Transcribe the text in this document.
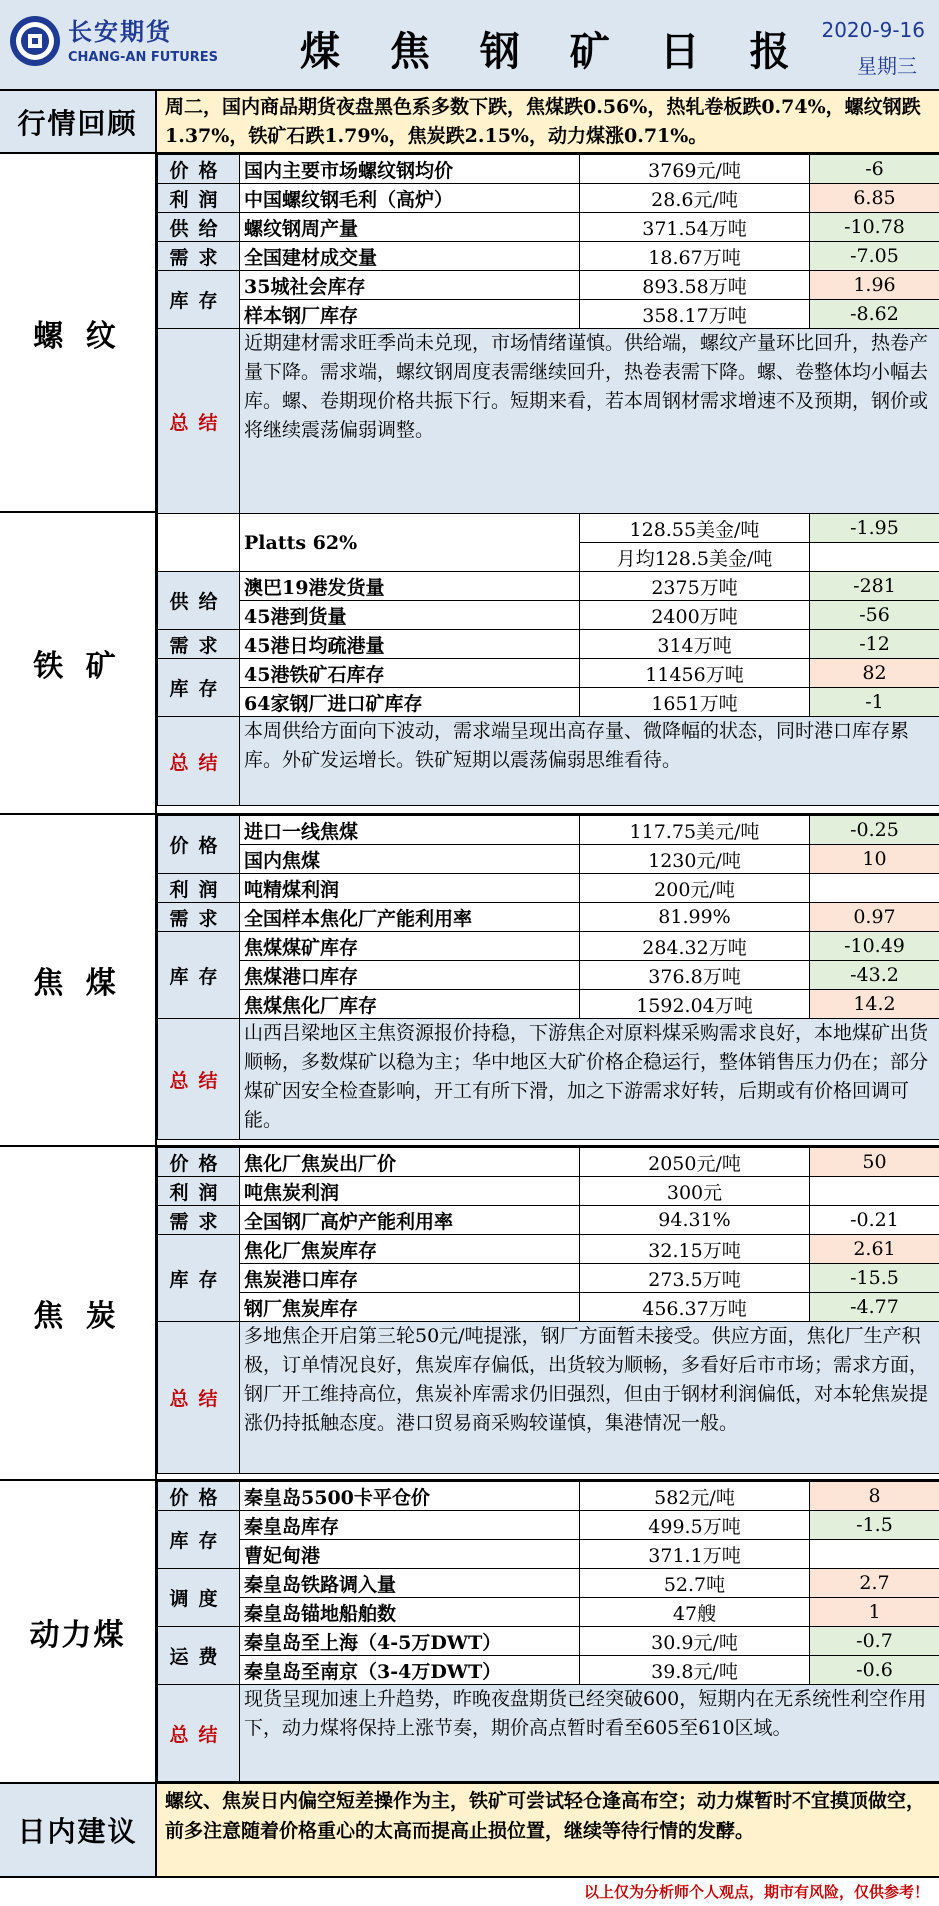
长安期货
CHANG-AN FUTURES 煤 焦 钢 矿 日 报 2020-9-16
星期三
行情回顾	周二，国内商品期货夜盘黑色系多数下跌，焦煤跌0.56%，热轧卷板跌0.74%，螺纹钢跌1.37%，铁矿石跌1.79%，焦炭跌2.15%，动力煤涨0.71%。
螺 纹
价格	国内主要市场螺纹钢均价	3769元/吨	-6
利润	中国螺纹钢毛利（高炉）	28.6元/吨	6.85
供给	螺纹钢周产量	371.54万吨	-10.78
需求	全国建材成交量	18.67万吨	-7.05
库存	35城社会库存	893.58万吨	1.96
	样本钢厂库存	358.17万吨	-8.62
总结	近期建材需求旺季尚未兑现，市场情绪谨慎。供给端，螺纹产量环比回升，热卷产量下降。需求端，螺纹钢周度表需继续回升，热卷表需下降。螺、卷整体均小幅去库。螺、卷期现价格共振下行。短期来看，若本周钢材需求增速不及预期，钢价或将继续震荡偏弱调整。		
铁 矿
	Platts 62%	128.55美金/吨	-1.95
		月均128.5美金/吨	
供给	澳巴19港发货量	2375万吨	-281
	45港到货量	2400万吨	-56
需求	45港日均疏港量	314万吨	-12
库存	45港铁矿石库存	11456万吨	82
	64家钢厂进口矿库存	1651万吨	-1
总结	本周供给方面向下波动，需求端呈现出高存量、微降幅的状态，同时港口库存累库。外矿发运增长。铁矿短期以震荡偏弱思维看待。		
焦 煤
价格	进口一线焦煤	117.75美元/吨	-0.25
	国内焦煤	1230元/吨	10
利润	吨精煤利润	200元/吨	
需求	全国样本焦化厂产能利用率	81.99%	0.97
库存	焦煤煤矿库存	284.32万吨	-10.49
	焦煤港口库存	376.8万吨	-43.2
	焦煤焦化厂库存	1592.04万吨	14.2
总结	山西吕梁地区主焦资源报价持稳，下游焦企对原料煤采购需求良好，本地煤矿出货顺畅，多数煤矿以稳为主；华中地区大矿价格企稳运行，整体销售压力仍在；部分煤矿因安全检查影响，开工有所下滑，加之下游需求好转，后期或有价格回调可能。		
焦 炭
价格	焦化厂焦炭出厂价	2050元/吨	50
利润	吨焦炭利润	300元	
需求	全国钢厂高炉产能利用率	94.31%	-0.21
库存	焦化厂焦炭库存	32.15万吨	2.61
	焦炭港口库存	273.5万吨	-15.5
	钢厂焦炭库存	456.37万吨	-4.77
总结	多地焦企开启第三轮50元/吨提涨，钢厂方面暂未接受。供应方面，焦化厂生产积极，订单情况良好，焦炭库存偏低，出货较为顺畅，多看好后市市场；需求方面，钢厂开工维持高位，焦炭补库需求仍旧强烈，但由于钢材利润偏低，对本轮焦炭提涨仍持抵触态度。港口贸易商采购较谨慎，集港情况一般。		
动力煤
价格	秦皇岛5500卡平仓价	582元/吨	8
库存	秦皇岛库存	499.5万吨	-1.5
	曹妃甸港	371.1万吨	
调度	秦皇岛铁路调入量	52.7吨	2.7
	秦皇岛锚地船舶数	47艘	1
运费	秦皇岛至上海（4-5万DWT）	30.9元/吨	-0.7
	秦皇岛至南京（3-4万DWT）	39.8元/吨	-0.6
总结	现货呈现加速上升趋势，昨晚夜盘期货已经突破600，短期内在无系统性利空作用下，动力煤将保持上涨节奏，期价高点暂时看至605至610区域。		
日内建议
螺纹、焦炭日内偏空短差操作为主，铁矿可尝试轻仓逢高布空；动力煤暂时不宜摸顶做空，前多注意随着价格重心的太高而提高止损位置，继续等待行情的发酵。
以上仅为分析师个人观点，期市有风险，仅供参考！
